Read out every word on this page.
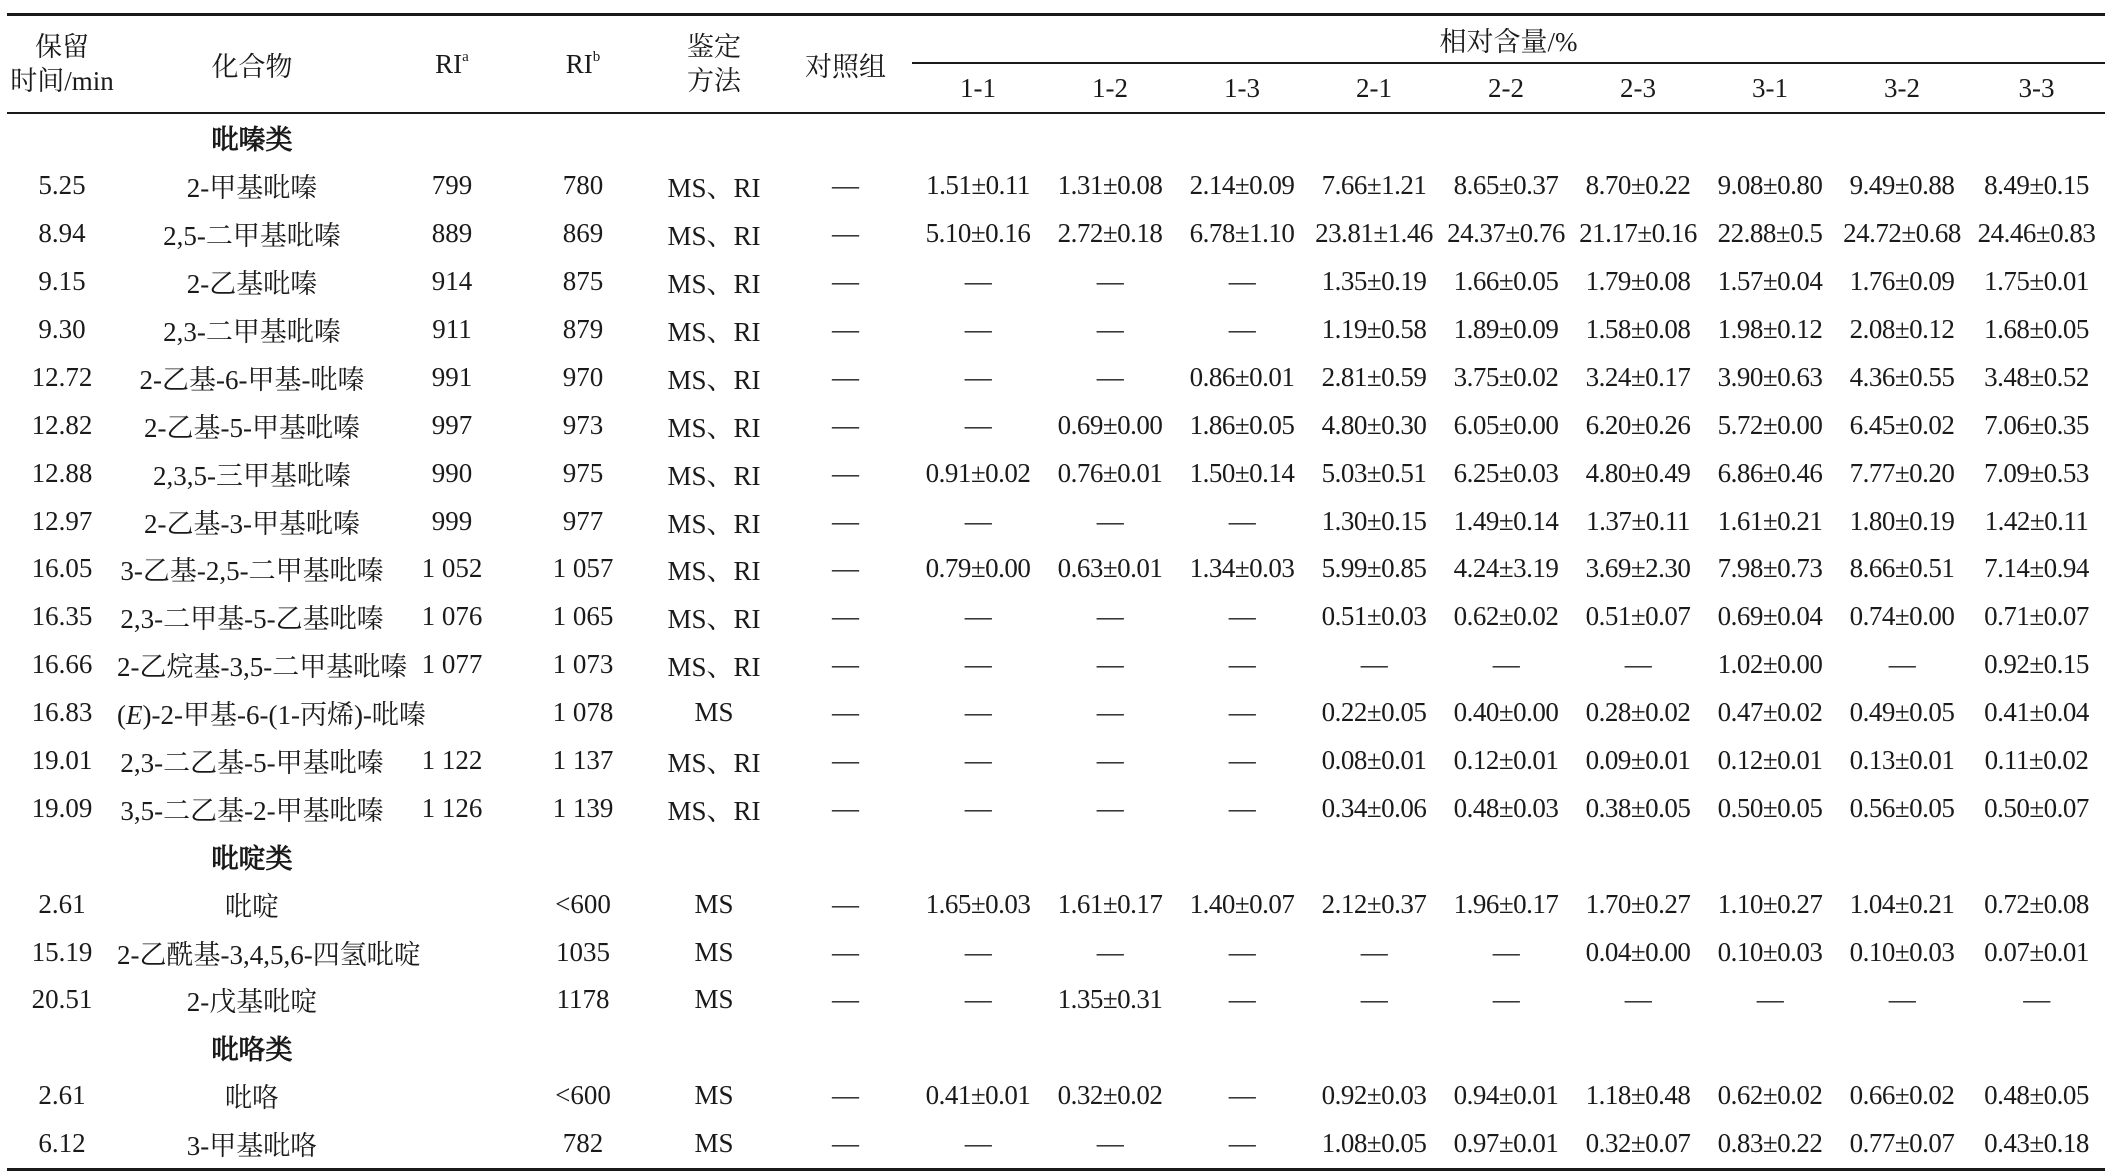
保留
时间/min	化合物	$RI^a$	$RI^b$	鉴定
方法	对照组	相对含量/%								
						1-1	1-2	1-3	2-1	2-2	2-3	3-1	3-2	3-3
	吡嗪类													
5.25	2-甲基吡嗪	799	780	MS、RI	—	1.51±0.11	1.31±0.08	2.14±0.09	7.66±1.21	8.65±0.37	8.70±0.22	9.08±0.80	9.49±0.88	8.49±0.15
8.94	2,5-二甲基吡嗪	889	869	MS、RI	—	5.10±0.16	2.72±0.18	6.78±1.10	23.81±1.46	24.37±0.76	21.17±0.16	22.88±0.5	24.72±0.68	24.46±0.83
9.15	2-乙基吡嗪	914	875	MS、RI	—	—	—	—	1.35±0.19	1.66±0.05	1.79±0.08	1.57±0.04	1.76±0.09	1.75±0.01
9.30	2,3-二甲基吡嗪	911	879	MS、RI	—	—	—	—	1.19±0.58	1.89±0.09	1.58±0.08	1.98±0.12	2.08±0.12	1.68±0.05
12.72	2-乙基-6-甲基-吡嗪	991	970	MS、RI	—	—	—	0.86±0.01	2.81±0.59	3.75±0.02	3.24±0.17	3.90±0.63	4.36±0.55	3.48±0.52
12.82	2-乙基-5-甲基吡嗪	997	973	MS、RI	—	—	0.69±0.00	1.86±0.05	4.80±0.30	6.05±0.00	6.20±0.26	5.72±0.00	6.45±0.02	7.06±0.35
12.88	2,3,5-三甲基吡嗪	990	975	MS、RI	—	0.91±0.02	0.76±0.01	1.50±0.14	5.03±0.51	6.25±0.03	4.80±0.49	6.86±0.46	7.77±0.20	7.09±0.53
12.97	2-乙基-3-甲基吡嗪	999	977	MS、RI	—	—	—	—	1.30±0.15	1.49±0.14	1.37±0.11	1.61±0.21	1.80±0.19	1.42±0.11
16.05	3-乙基-2,5-二甲基吡嗪	1 052	1 057	MS、RI	—	0.79±0.00	0.63±0.01	1.34±0.03	5.99±0.85	4.24±3.19	3.69±2.30	7.98±0.73	8.66±0.51	7.14±0.94
16.35	2,3-二甲基-5-乙基吡嗪	1 076	1 065	MS、RI	—	—	—	—	0.51±0.03	0.62±0.02	0.51±0.07	0.69±0.04	0.74±0.00	0.71±0.07
16.66	2-乙烷基-3,5-二甲基吡嗪	1 077	1 073	MS、RI	—	—	—	—	—	—	—	1.02±0.00	—	0.92±0.15
16.83	(E)-2-甲基-6-(1-丙烯)-吡嗪		1 078	MS	—	—	—	—	0.22±0.05	0.40±0.00	0.28±0.02	0.47±0.02	0.49±0.05	0.41±0.04
19.01	2,3-二乙基-5-甲基吡嗪	1 122	1 137	MS、RI	—	—	—	—	0.08±0.01	0.12±0.01	0.09±0.01	0.12±0.01	0.13±0.01	0.11±0.02
19.09	3,5-二乙基-2-甲基吡嗪	1 126	1 139	MS、RI	—	—	—	—	0.34±0.06	0.48±0.03	0.38±0.05	0.50±0.05	0.56±0.05	0.50±0.07
	吡啶类													
2.61	吡啶		<600	MS	—	1.65±0.03	1.61±0.17	1.40±0.07	2.12±0.37	1.96±0.17	1.70±0.27	1.10±0.27	1.04±0.21	0.72±0.08
15.19	2-乙酰基-3,4,5,6-四氢吡啶		1035	MS	—	—	—	—	—	—	0.04±0.00	0.10±0.03	0.10±0.03	0.07±0.01
20.51	2-戊基吡啶		1178	MS	—	—	1.35±0.31	—	—	—	—	—	—	—
	吡咯类													
2.61	吡咯		<600	MS	—	0.41±0.01	0.32±0.02	—	0.92±0.03	0.94±0.01	1.18±0.48	0.62±0.02	0.66±0.02	0.48±0.05
6.12	3-甲基吡咯		782	MS	—	—	—	—	1.08±0.05	0.97±0.01	0.32±0.07	0.83±0.22	0.77±0.07	0.43±0.18
